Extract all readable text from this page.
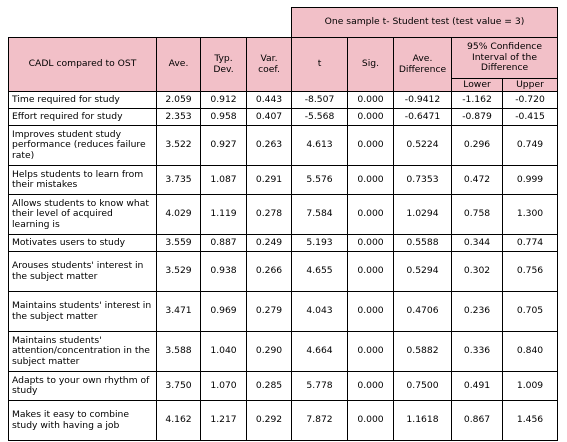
				One sample t- Student test (test value = 3)				
CADL compared to OST	Ave.	Typ. Dev.	Var. coef.	t	Sig.	Ave. Difference	95% Confidence Interval of the Difference	
							Lower	Upper
Time required for study	2.059	0.912	0.443	-8.507	0.000	-0.9412	-1.162	-0.720
Effort required for study	2.353	0.958	0.407	-5.568	0.000	-0.6471	-0.879	-0.415
Improves student study performance (reduces failure rate)	3.522	0.927	0.263	4.613	0.000	0.5224	0.296	0.749
Helps students to learn from their mistakes	3.735	1.087	0.291	5.576	0.000	0.7353	0.472	0.999
Allows students to know what their level of acquired learning is	4.029	1.119	0.278	7.584	0.000	1.0294	0.758	1.300
Motivates users to study	3.559	0.887	0.249	5.193	0.000	0.5588	0.344	0.774
Arouses students' interest in the subject matter	3.529	0.938	0.266	4.655	0.000	0.5294	0.302	0.756
Maintains students' interest in the subject matter	3.471	0.969	0.279	4.043	0.000	0.4706	0.236	0.705
Maintains students' attention/concentration in the subject matter	3.588	1.040	0.290	4.664	0.000	0.5882	0.336	0.840
Adapts to your own rhythm of study	3.750	1.070	0.285	5.778	0.000	0.7500	0.491	1.009
Makes it easy to combine study with having a job	4.162	1.217	0.292	7.872	0.000	1.1618	0.867	1.456
